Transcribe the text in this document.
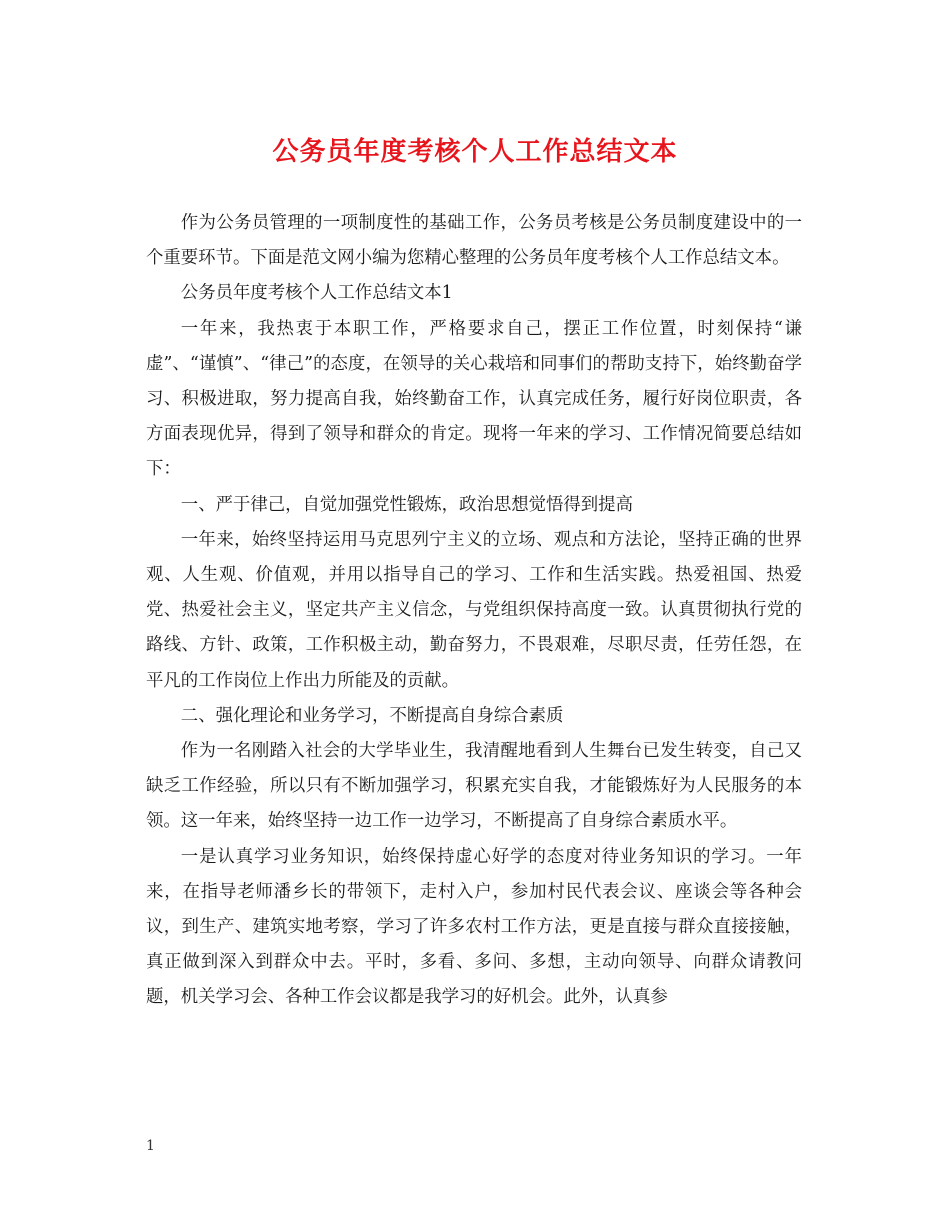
公务员年度考核个人工作总结文本

作为公务员管理的一项制度性的基础工作，公务员考核是公务员制度建设中的一个重要环节。下面是范文网小编为您精心整理的公务员年度考核个人工作总结文本。

公务员年度考核个人工作总结文本1

一年来，我热衷于本职工作，严格要求自己，摆正工作位置，时刻保持“谦虚”、“谨慎”、“律己”的态度，在领导的关心栽培和同事们的帮助支持下，始终勤奋学习、积极进取，努力提高自我，始终勤奋工作，认真完成任务，履行好岗位职责，各方面表现优异，得到了领导和群众的肯定。现将一年来的学习、工作情况简要总结如下：

一、严于律己，自觉加强党性锻炼，政治思想觉悟得到提高

一年来，始终坚持运用马克思列宁主义的立场、观点和方法论，坚持正确的世界观、人生观、价值观，并用以指导自己的学习、工作和生活实践。热爱祖国、热爱党、热爱社会主义，坚定共产主义信念，与党组织保持高度一致。认真贯彻执行党的路线、方针、政策，工作积极主动，勤奋努力，不畏艰难，尽职尽责，任劳任怨，在平凡的工作岗位上作出力所能及的贡献。

二、强化理论和业务学习，不断提高自身综合素质

作为一名刚踏入社会的大学毕业生，我清醒地看到人生舞台已发生转变，自己又缺乏工作经验，所以只有不断加强学习，积累充实自我，才能锻炼好为人民服务的本领。这一年来，始终坚持一边工作一边学习，不断提高了自身综合素质水平。

一是认真学习业务知识，始终保持虚心好学的态度对待业务知识的学习。一年来，在指导老师潘乡长的带领下，走村入户，参加村民代表会议、座谈会等各种会议，到生产、建筑实地考察，学习了许多农村工作方法，更是直接与群众直接接触，真正做到深入到群众中去。平时，多看、多问、多想，主动向领导、向群众请教问题，机关学习会、各种工作会议都是我学习的好机会。此外，认真参

1
